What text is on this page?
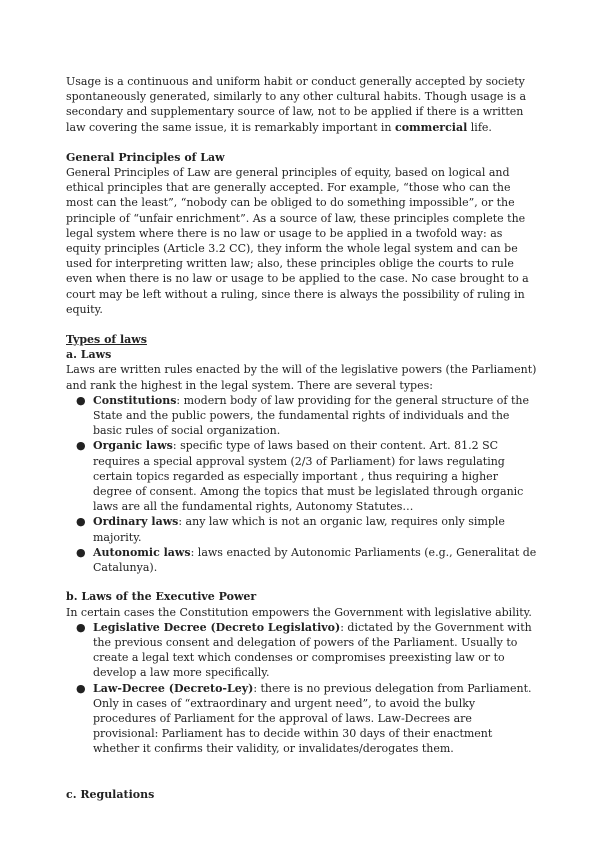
Usage is a continuous and uniform habit or conduct generally accepted by society spontaneously generated, similarly to any other cultural habits. Though usage is a secondary and supplementary source of law, not to be applied if there is a written law covering the same issue, it is remarkably important in commercial life.

General Principles of Law

General Principles of Law are general principles of equity, based on logical and ethical principles that are generally accepted. For example, “those who can the most can the least”, “nobody can be obliged to do something impossible”, or the principle of “unfair enrichment”. As a source of law, these principles complete the legal system where there is no law or usage to be applied in a twofold way: as equity principles (Article 3.2 CC), they inform the whole legal system and can be used for interpreting written law; also, these principles oblige the courts to rule even when there is no law or usage to be applied to the case. No case brought to a court may be left without a ruling, since there is always the possibility of ruling in equity.

Types of laws

a. Laws

Laws are written rules enacted by the will of the legislative powers (the Parliament) and rank the highest in the legal system. There are several types:

● Constitutions: modern body of law providing for the general structure of the State and the public powers, the fundamental rights of individuals and the basic rules of social organization.
● Organic laws: specific type of laws based on their content. Art. 81.2 SC requires a special approval system (2/3 of Parliament) for laws regulating certain topics regarded as especially important , thus requiring a higher degree of consent. Among the topics that must be legislated through organic laws are all the fundamental rights, Autonomy Statutes…
● Ordinary laws: any law which is not an organic law, requires only simple majority.
● Autonomic laws: laws enacted by Autonomic Parliaments (e.g., Generalitat de Catalunya).

b. Laws of the Executive Power

In certain cases the Constitution empowers the Government with legislative ability.

● Legislative Decree (Decreto Legislativo): dictated by the Government with the previous consent and delegation of powers of the Parliament. Usually to create a legal text which condenses or compromises preexisting law or to develop a law more specifically.
● Law-Decree (Decreto-Ley): there is no previous delegation from Parliament. Only in cases of “extraordinary and urgent need”, to avoid the bulky procedures of Parliament for the approval of laws. Law-Decrees are provisional: Parliament has to decide within 30 days of their enactment whether it confirms their validity, or invalidates/derogates them.

c. Regulations
